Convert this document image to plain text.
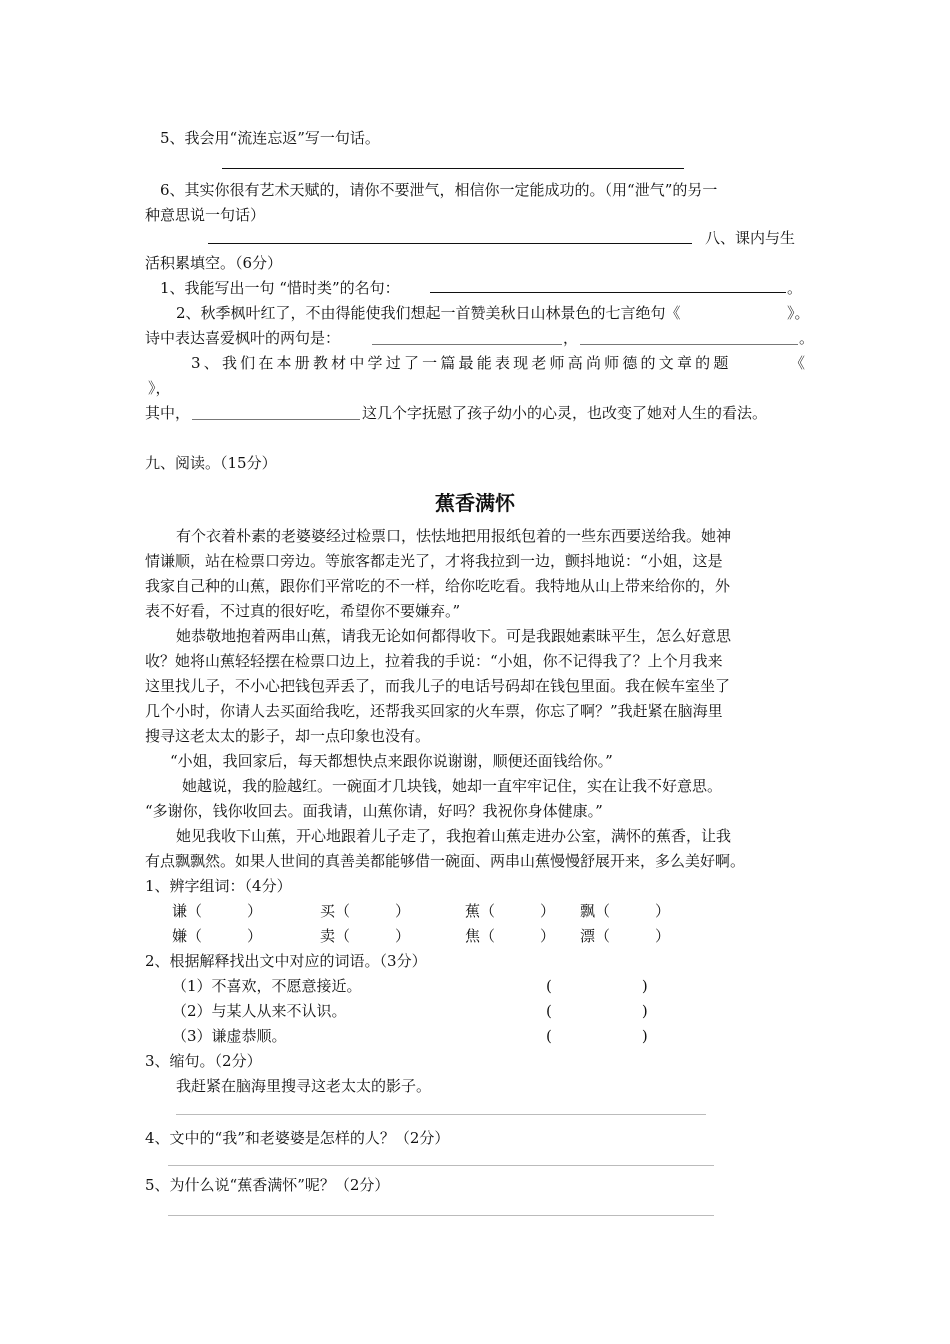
5、我会用“流连忘返”写一句话。
6、其实你很有艺术天赋的，请你不要泄气，相信你一定能成功的。（用“泄气”的另一
种意思说一句话）
八、课内与生
活积累填空。（6分）
1、我能写出一句 “惜时类”的名句：	。
2、秋季枫叶红了，不由得能使我们想起一首赞美秋日山林景色的七言绝句《	》。
诗中表达喜爱枫叶的两句是：	，	。
3、我们在本册教材中学过了一篇最能表现老师高尚师德的文章的题	《
》，
其中，	这几个字抚慰了孩子幼小的心灵，也改变了她对人生的看法。
九、阅读。（15分）
蕉香满怀
有个衣着朴素的老婆婆经过检票口，怯怯地把用报纸包着的一些东西要送给我。她神
情谦顺，站在检票口旁边。等旅客都走光了，才将我拉到一边，颤抖地说：“小姐，这是
我家自己种的山蕉，跟你们平常吃的不一样，给你吃吃看。我特地从山上带来给你的，外
表不好看，不过真的很好吃，希望你不要嫌弃。”
她恭敬地抱着两串山蕉，请我无论如何都得收下。可是我跟她素昧平生，怎么好意思
收？她将山蕉轻轻摆在检票口边上，拉着我的手说：“小姐，你不记得我了？上个月我来
这里找儿子，不小心把钱包弄丢了，而我儿子的电话号码却在钱包里面。我在候车室坐了
几个小时，你请人去买面给我吃，还帮我买回家的火车票，你忘了啊？”我赶紧在脑海里
搜寻这老太太的影子，却一点印象也没有。
“小姐，我回家后，每天都想快点来跟你说谢谢，顺便还面钱给你。”
她越说，我的脸越红。一碗面才几块钱，她却一直牢牢记住，实在让我不好意思。
“多谢你，钱你收回去。面我请，山蕉你请，好吗？我祝你身体健康。”
她见我收下山蕉，开心地跟着儿子走了，我抱着山蕉走进办公室，满怀的蕉香，让我
有点飘飘然。如果人世间的真善美都能够借一碗面、两串山蕉慢慢舒展开来，多么美好啊。
1、辨字组词：（4分）
谦（　　　）	买（　　　）	蕉（　　　） 飘（　　　）
嫌（　　　）	卖（　　　）	焦（　　　） 漂（　　　）
2、根据解释找出文中对应的词语。（3分）
（1）不喜欢，不愿意接近。	(　　　　　　)
（2）与某人从来不认识。	(　　　　　　)
（3）谦虚恭顺。	(　　　　　　)
3、缩句。（2分）
我赶紧在脑海里搜寻这老太太的影子。
4、文中的“我”和老婆婆是怎样的人？（2分）
5、为什么说“蕉香满怀”呢？（2分）
